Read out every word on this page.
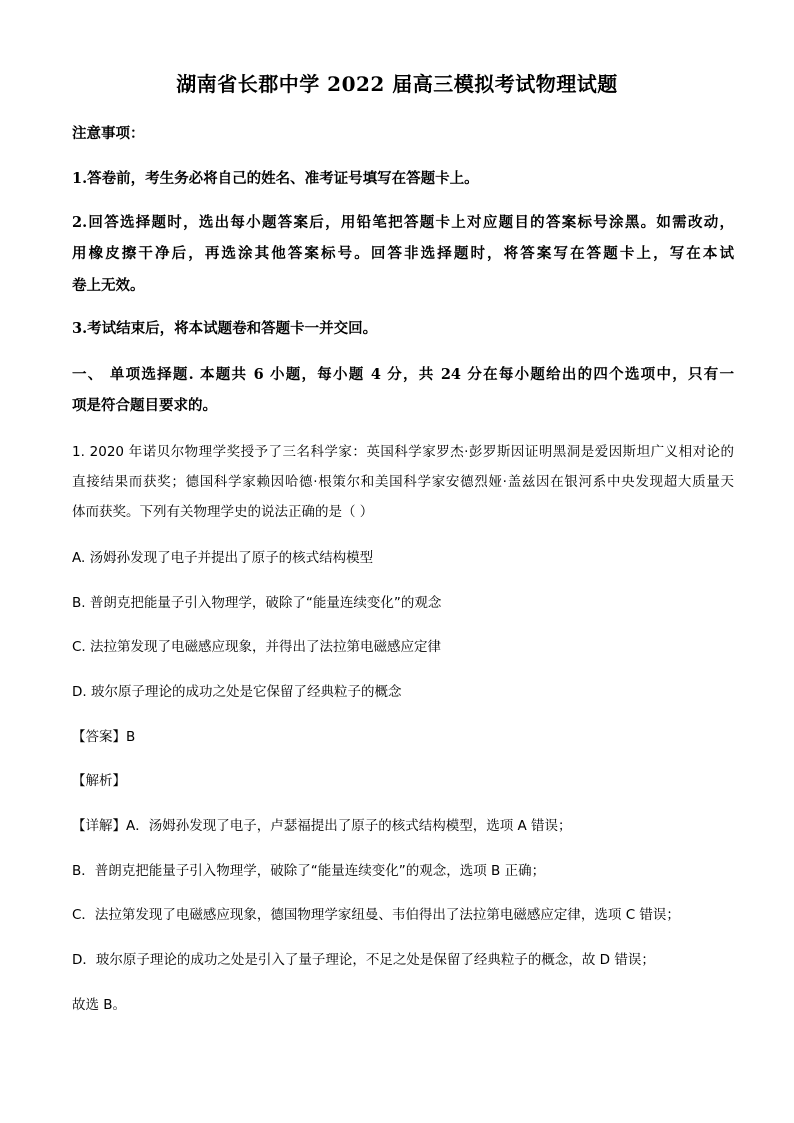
湖南省长郡中学 2022 届高三模拟考试物理试题
注意事项：
1.答卷前，考生务必将自己的姓名、准考证号填写在答题卡上。
2.回答选择题时，选出每小题答案后，用铅笔把答题卡上对应题目的答案标号涂黑。如需改动，
用橡皮擦干净后，再选涂其他答案标号。回答非选择题时，将答案写在答题卡上，写在本试
卷上无效。
3.考试结束后，将本试题卷和答题卡一并交回。
一、 单项选择题. 本题共 6 小题，每小题 4 分，共 24 分在每小题给出的四个选项中，只有一
项是符合题目要求的。
1. 2020 年诺贝尔物理学奖授予了三名科学家：英国科学家罗杰·彭罗斯因证明黑洞是爱因斯坦广义相对论的
直接结果而获奖；德国科学家赖因哈德·根策尔和美国科学家安德烈娅·盖兹因在银河系中央发现超大质量天
体而获奖。下列有关物理学史的说法正确的是（ ）
A. 汤姆孙发现了电子并提出了原子的核式结构模型
B. 普朗克把能量子引入物理学，破除了“能量连续变化”的观念
C. 法拉第发现了电磁感应现象，并得出了法拉第电磁感应定律
D. 玻尔原子理论的成功之处是它保留了经典粒子的概念
【答案】B
【解析】
【详解】A．汤姆孙发现了电子，卢瑟福提出了原子的核式结构模型，选项 A 错误；
B．普朗克把能量子引入物理学，破除了“能量连续变化”的观念，选项 B 正确；
C．法拉第发现了电磁感应现象，德国物理学家纽曼、韦伯得出了法拉第电磁感应定律，选项 C 错误；
D．玻尔原子理论的成功之处是引入了量子理论，不足之处是保留了经典粒子的概念，故 D 错误；
故选 B。
